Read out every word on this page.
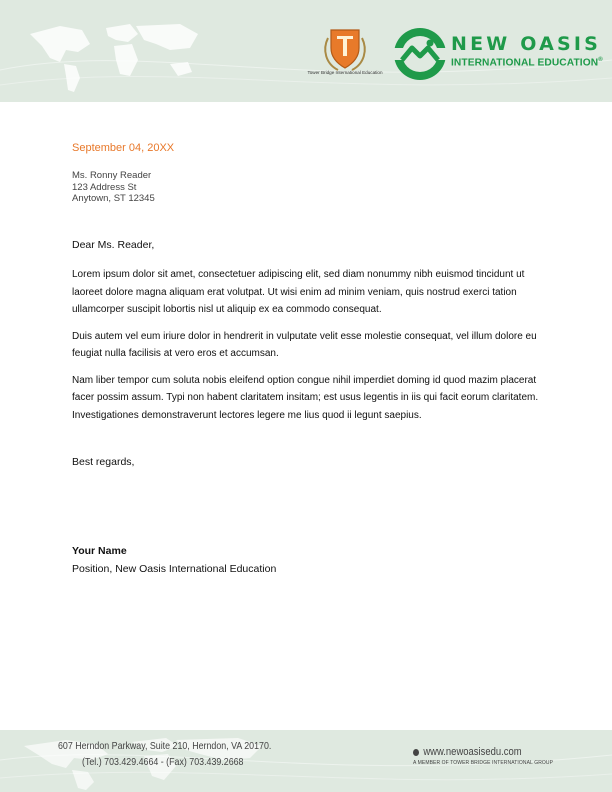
Tower Bridge International Education
NEW OASIS
INTERNATIONAL EDUCATION®
September 04, 20XX
Ms. Ronny Reader
123 Address St
Anytown, ST 12345
Dear Ms. Reader,

Lorem ipsum dolor sit amet, consectetuer adipiscing elit, sed diam nonummy nibh euismod tincidunt ut laoreet dolore magna aliquam erat volutpat. Ut wisi enim ad minim veniam, quis nostrud exerci tation ullamcorper suscipit lobortis nisl ut aliquip ex ea commodo consequat.

Duis autem vel eum iriure dolor in hendrerit in vulputate velit esse molestie consequat, vel illum dolore eu feugiat nulla facilisis at vero eros et accumsan.

Nam liber tempor cum soluta nobis eleifend option congue nihil imperdiet doming id quod mazim placerat facer possim assum. Typi non habent claritatem insitam; est usus legentis in iis qui facit eorum claritatem. Investigationes demonstraverunt lectores legere me lius quod ii legunt saepius.

Best regards,
Your Name
Position, New Oasis International Education
607 Herndon Parkway, Suite 210, Herndon, VA 20170.
(Tel.) 703.429.4664 - (Fax) 703.439.2668
www.newoasisedu.com
A MEMBER OF TOWER BRIDGE INTERNATIONAL GROUP
